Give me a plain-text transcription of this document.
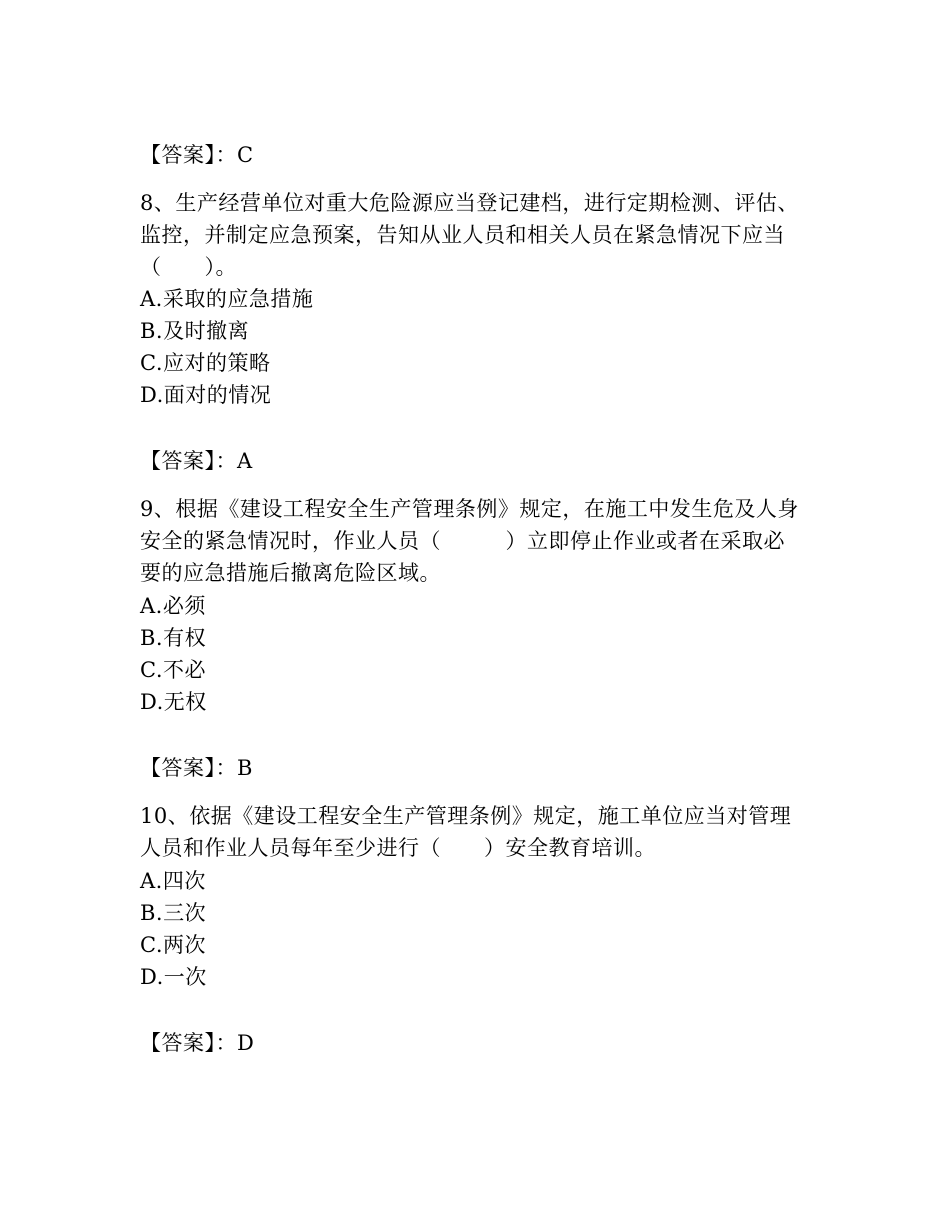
【答案】：C
8、生产经营单位对重大危险源应当登记建档，进行定期检测、评估、
监控，并制定应急预案，告知从业人员和相关人员在紧急情况下应当
（　　）。
A.采取的应急措施
B.及时撤离
C.应对的策略
D.面对的情况
【答案】：A
9、根据《建设工程安全生产管理条例》规定，在施工中发生危及人身
安全的紧急情况时，作业人员（　　　）立即停止作业或者在采取必
要的应急措施后撤离危险区域。
A.必须
B.有权
C.不必
D.无权
【答案】：B
10、依据《建设工程安全生产管理条例》规定，施工单位应当对管理
人员和作业人员每年至少进行（　　）安全教育培训。
A.四次
B.三次
C.两次
D.一次
【答案】：D
